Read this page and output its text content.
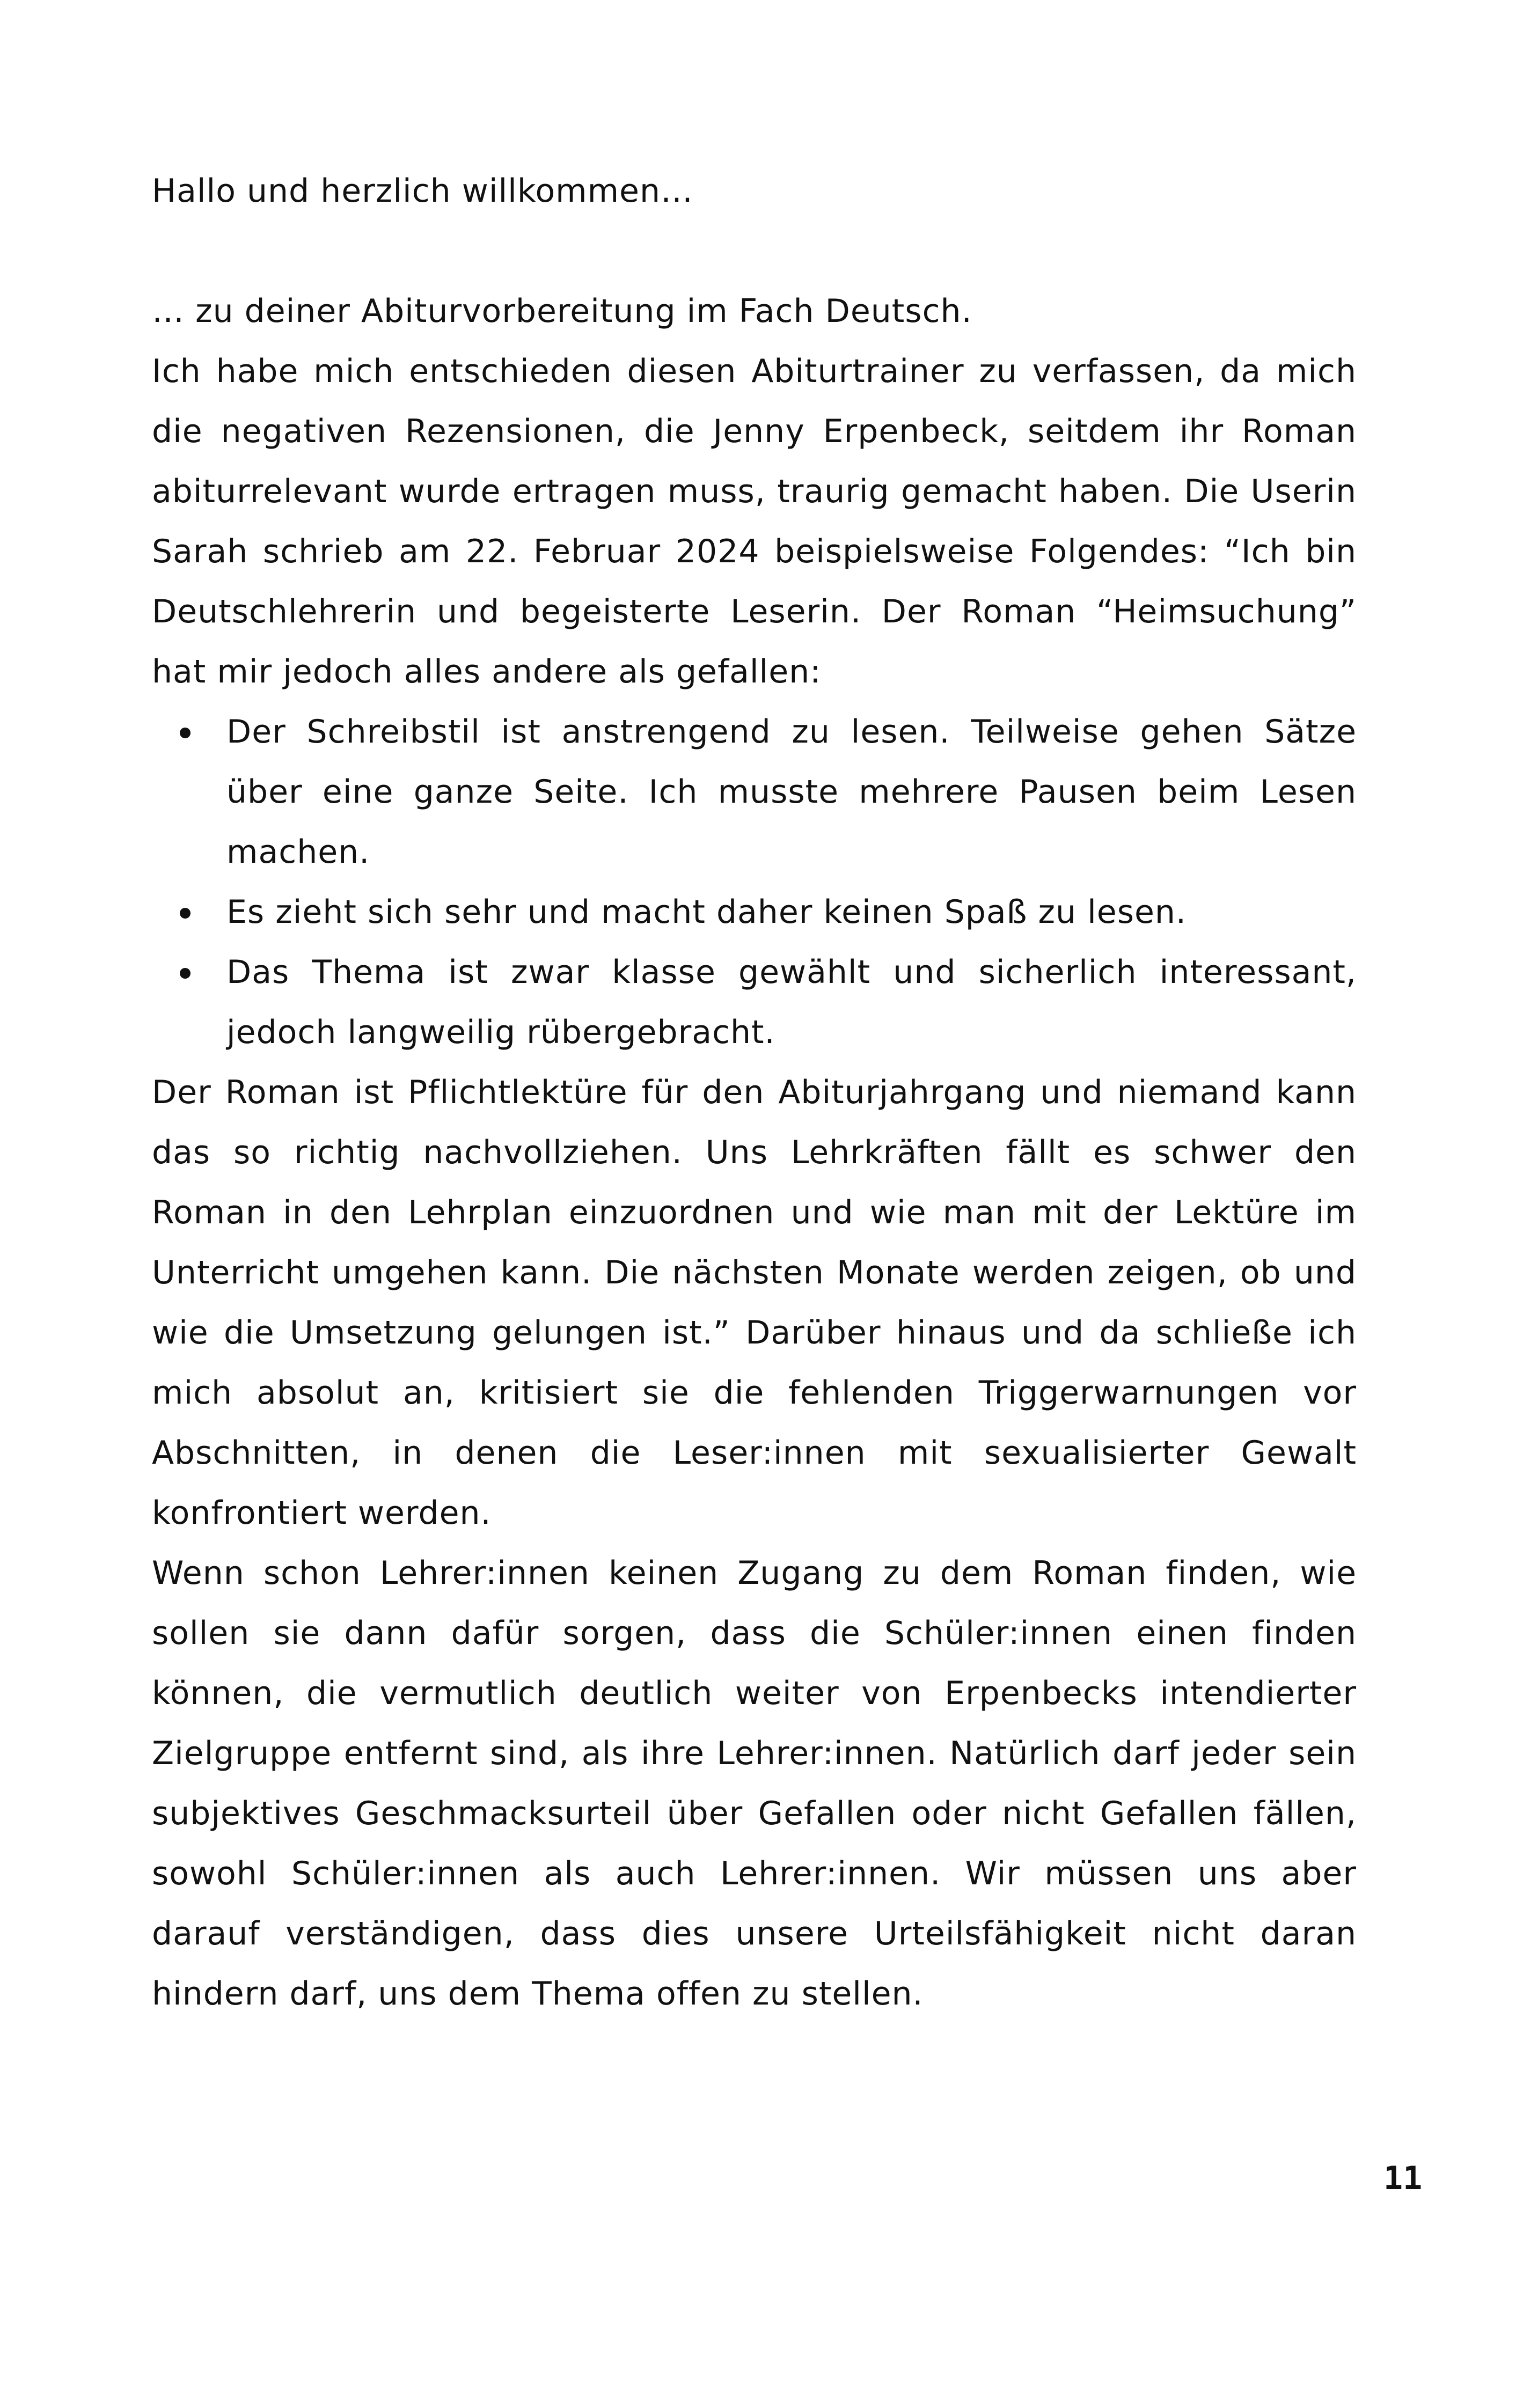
Hallo und herzlich willkommen…

… zu deiner Abiturvorbereitung im Fach Deutsch.

Ich habe mich entschieden diesen Abiturtrainer zu verfassen, da mich die negativen Rezensionen, die Jenny Erpenbeck, seitdem ihr Roman abiturrelevant wurde ertragen muss, traurig gemacht haben. Die Userin Sarah schrieb am 22. Februar 2024 beispielsweise Folgendes: “Ich bin Deutschlehrerin und begeisterte Leserin. Der Roman “Heimsuchung” hat mir jedoch alles andere als gefallen:

Der Schreibstil ist anstrengend zu lesen. Teilweise gehen Sätze über eine ganze Seite. Ich musste mehrere Pausen beim Lesen machen.
Es zieht sich sehr und macht daher keinen Spaß zu lesen.
Das Thema ist zwar klasse gewählt und sicherlich interessant, jedoch langweilig rübergebracht.

Der Roman ist Pflichtlektüre für den Abiturjahrgang und niemand kann das so richtig nachvollziehen. Uns Lehrkräften fällt es schwer den Roman in den Lehrplan einzuordnen und wie man mit der Lektüre im Unterricht umgehen kann. Die nächsten Monate werden zeigen, ob und wie die Umsetzung gelungen ist.” Darüber hinaus und da schließe ich mich absolut an, kritisiert sie die fehlenden Triggerwarnungen vor Abschnitten, in denen die Leser:innen mit sexualisierter Gewalt konfrontiert werden.

Wenn schon Lehrer:innen keinen Zugang zu dem Roman finden, wie sollen sie dann dafür sorgen, dass die Schüler:innen einen finden können, die vermutlich deutlich weiter von Erpenbecks intendierter Zielgruppe entfernt sind, als ihre Lehrer:innen. Natürlich darf jeder sein subjektives Geschmacksurteil über Gefallen oder nicht Gefallen fällen, sowohl Schüler:innen als auch Lehrer:innen. Wir müssen uns aber darauf verständigen, dass dies unsere Urteilsfähigkeit nicht daran hindern darf, uns dem Thema offen zu stellen.

11
